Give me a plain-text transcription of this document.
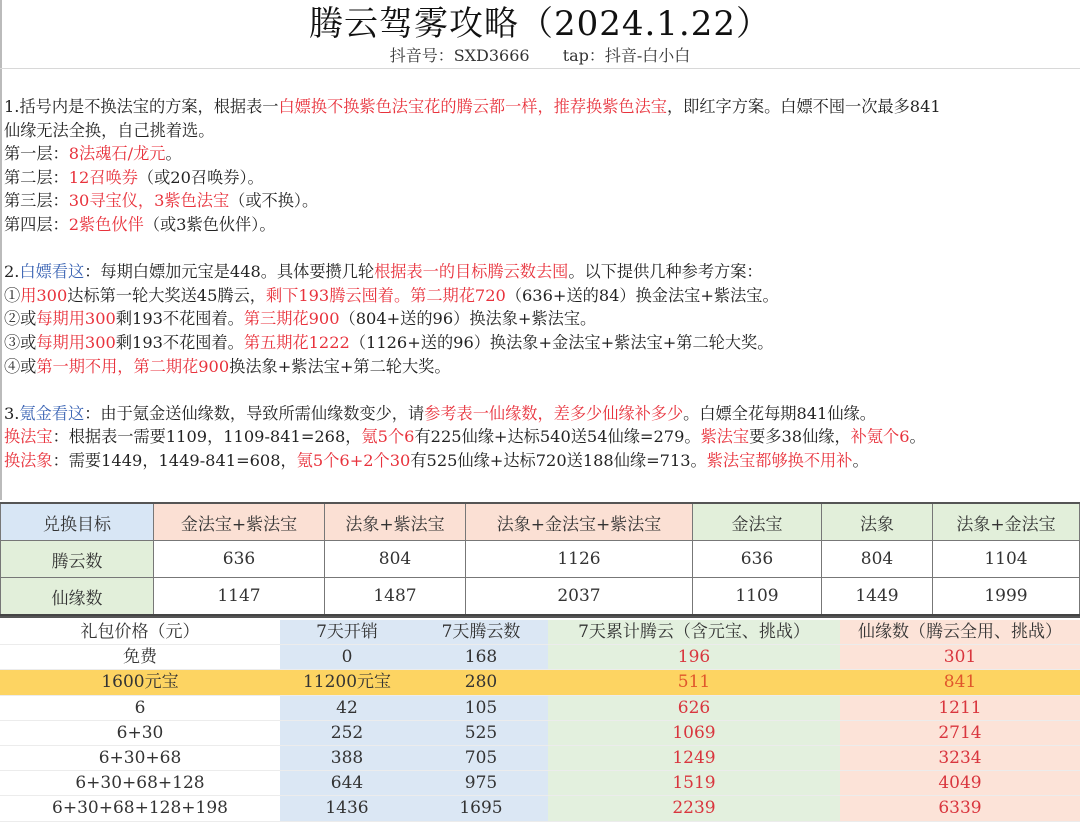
腾云驾雾攻略（2024.1.22）
抖音号：SXD3666 tap：抖音-白小白
1.括号内是不换法宝的方案，根据表一白嫖换不换紫色法宝花的腾云都一样，推荐换紫色法宝，即红字方案。白嫖不囤一次最多841
仙缘无法全换，自己挑着选。
第一层：8法魂石/龙元。
第二层：12召唤券（或20召唤券）。
第三层：30寻宝仪，3紫色法宝（或不换）。
第四层：2紫色伙伴（或3紫色伙伴）。
2.白嫖看这：每期白嫖加元宝是448。具体要攒几轮根据表一的目标腾云数去囤。以下提供几种参考方案：
①用300达标第一轮大奖送45腾云，剩下193腾云囤着。第二期花720（636+送的84）换金法宝+紫法宝。
②或每期用300剩193不花囤着。第三期花900（804+送的96）换法象+紫法宝。
③或每期用300剩193不花囤着。第五期花1222（1126+送的96）换法象+金法宝+紫法宝+第二轮大奖。
④或第一期不用，第二期花900换法象+紫法宝+第二轮大奖。
3.氪金看这：由于氪金送仙缘数，导致所需仙缘数变少，请参考表一仙缘数，差多少仙缘补多少。白嫖全花每期841仙缘。
换法宝：根据表一需要1109，1109-841=268，氪5个6有225仙缘+达标540送54仙缘=279。紫法宝要多38仙缘，补氪个6。
换法象：需要1449，1449-841=608，氪5个6+2个30有525仙缘+达标720送188仙缘=713。紫法宝都够换不用补。
兑换目标	金法宝+紫法宝	法象+紫法宝	法象+金法宝+紫法宝	金法宝	法象	法象+金法宝
腾云数	636	804	1126	636	804	1104
仙缘数	1147	1487	2037	1109	1449	1999
礼包价格（元）	7天开销	7天腾云数	7天累计腾云（含元宝、挑战）	仙缘数（腾云全用、挑战）
免费	0	168	196	301
1600元宝	11200元宝	280	511	841
6	42	105	626	1211
6+30	252	525	1069	2714
6+30+68	388	705	1249	3234
6+30+68+128	644	975	1519	4049
6+30+68+128+198	1436	1695	2239	6339
